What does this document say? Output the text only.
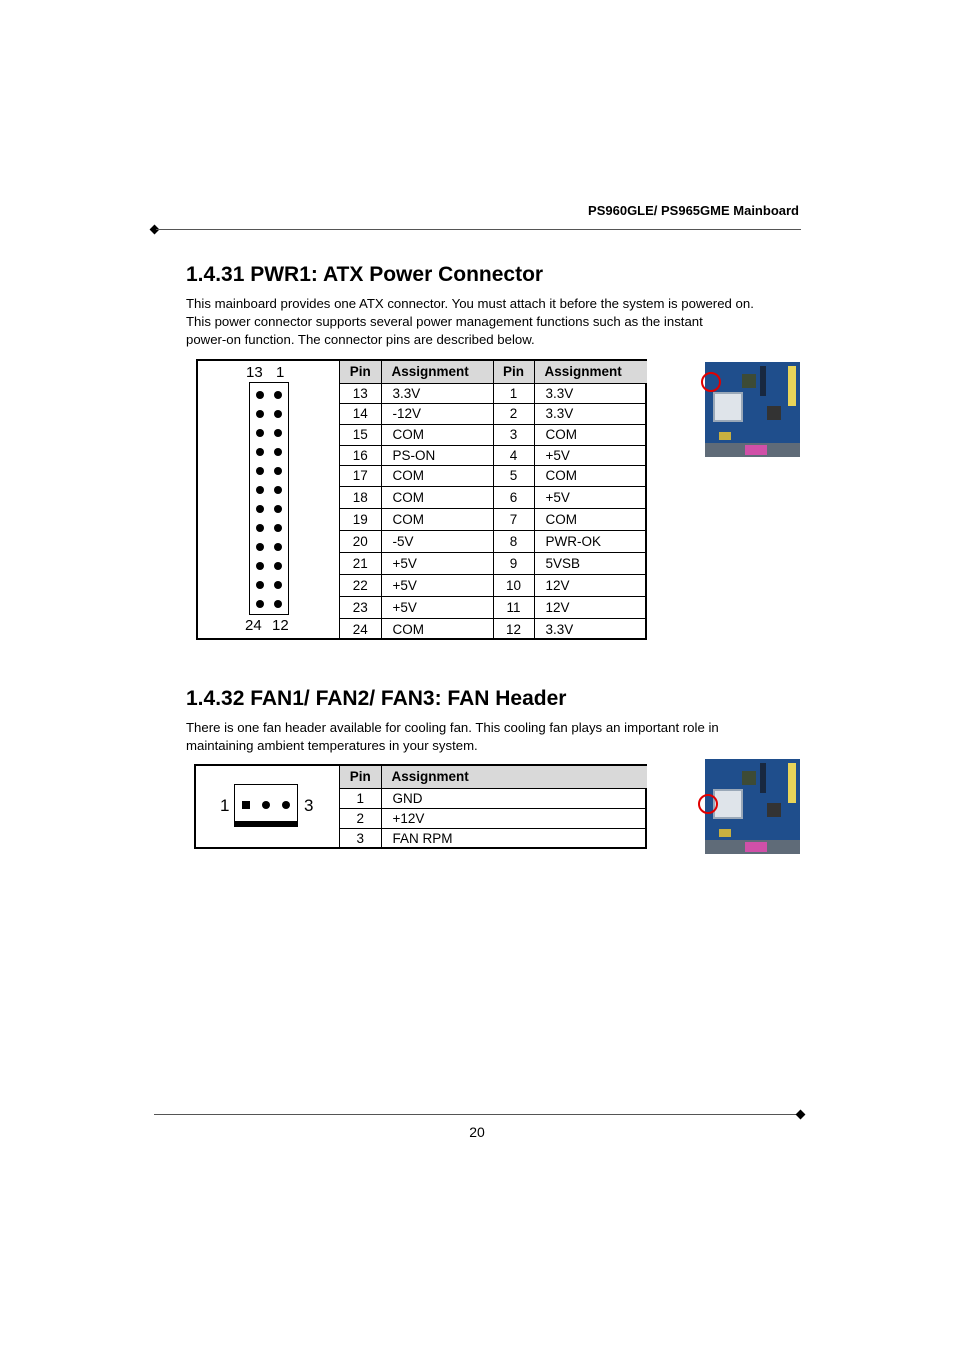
PS960GLE/ PS965GME Mainboard
1.4.31 PWR1: ATX Power Connector
This mainboard provides one ATX connector. You must attach it before the system is powered on.
This power connector supports several power management functions such as the instant
power-on function. The connector pins are described below.
13 1
24 12
Pin	Assignment	Pin	Assignment
13	3.3V	1	3.3V
14	-12V	2	3.3V
15	COM	3	COM
16	PS-ON	4	+5V
17	COM	5	COM
18	COM	6	+5V
19	COM	7	COM
20	-5V	8	PWR-OK
21	+5V	9	5VSB
22	+5V	10	12V
23	+5V	11	12V
24	COM	12	3.3V
1.4.32 FAN1/ FAN2/ FAN3: FAN Header
There is one fan header available for cooling fan. This cooling fan plays an important role in
maintaining ambient temperatures in your system.
1	3
Pin	Assignment
1	GND
2	+12V
3	FAN RPM
20
